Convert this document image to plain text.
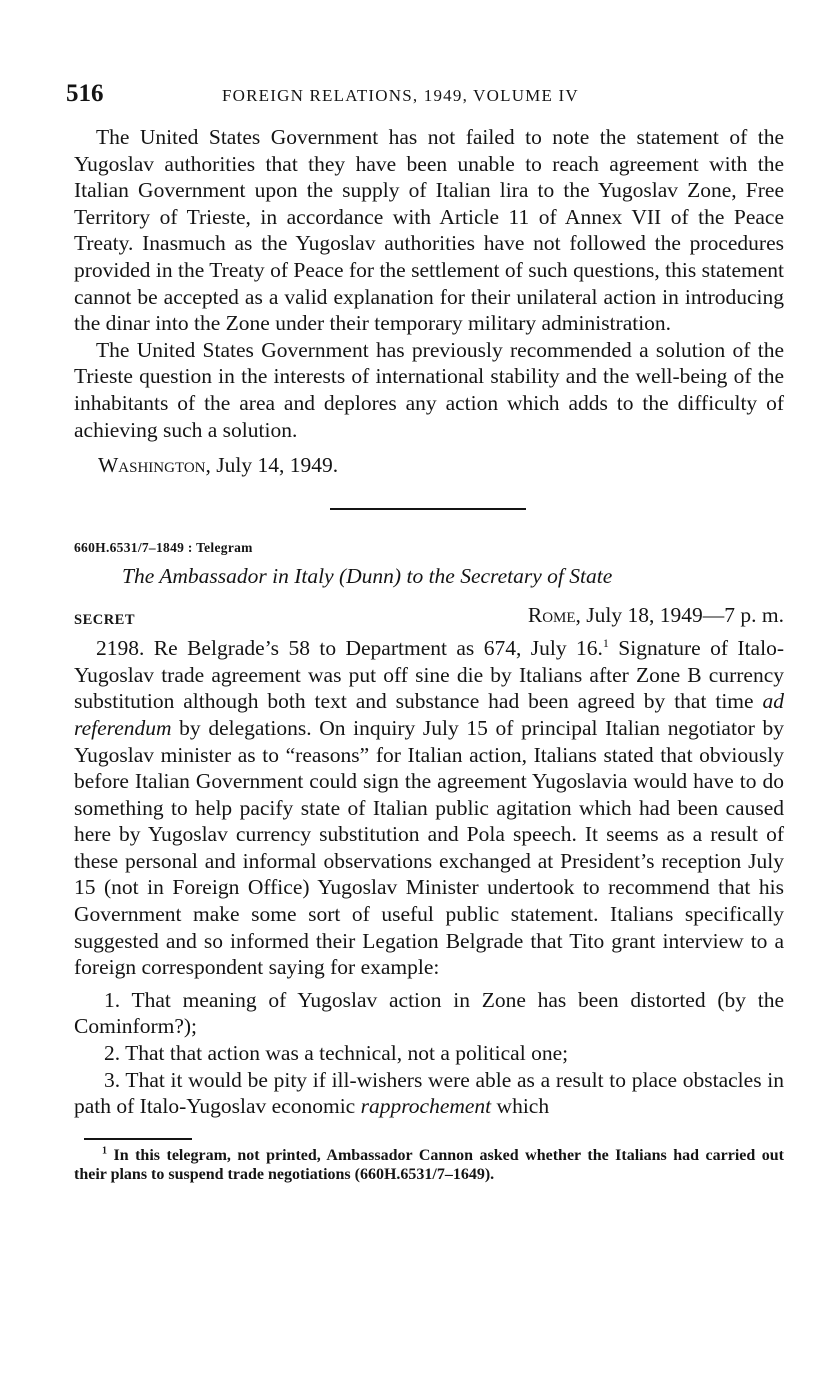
516	FOREIGN RELATIONS, 1949, VOLUME IV

The United States Government has not failed to note the statement of the Yugoslav authorities that they have been unable to reach agreement with the Italian Government upon the supply of Italian lira to the Yugoslav Zone, Free Territory of Trieste, in accordance with Article 11 of Annex VII of the Peace Treaty. Inasmuch as the Yugoslav authorities have not followed the procedures provided in the Treaty of Peace for the settlement of such questions, this statement cannot be accepted as a valid explanation for their unilateral action in introducing the dinar into the Zone under their temporary military administration.

The United States Government has previously recommended a solution of the Trieste question in the interests of international stability and the well-being of the inhabitants of the area and deplores any action which adds to the difficulty of achieving such a solution.

Washington, July 14, 1949.

660H.6531/7–1849 : Telegram
The Ambassador in Italy (Dunn) to the Secretary of State
SECRET	Rome, July 18, 1949—7 p. m.

2198. Re Belgrade’s 58 to Department as 674, July 16.$^1$ Signature of Italo-Yugoslav trade agreement was put off sine die by Italians after Zone B currency substitution although both text and substance had been agreed by that time ad referendum by delegations. On inquiry July 15 of principal Italian negotiator by Yugoslav minister as to “reasons” for Italian action, Italians stated that obviously before Italian Government could sign the agreement Yugoslavia would have to do something to help pacify state of Italian public agitation which had been caused here by Yugoslav currency substitution and Pola speech. It seems as a result of these personal and informal observations exchanged at President’s reception July 15 (not in Foreign Office) Yugoslav Minister undertook to recommend that his Government make some sort of useful public statement. Italians specifically suggested and so informed their Legation Belgrade that Tito grant interview to a foreign correspondent saying for example:

1. That meaning of Yugoslav action in Zone has been distorted (by the Cominform?);

2. That that action was a technical, not a political one;

3. That it would be pity if ill-wishers were able as a result to place obstacles in path of Italo-Yugoslav economic rapprochement which

$^1$ In this telegram, not printed, Ambassador Cannon asked whether the Italians had carried out their plans to suspend trade negotiations (660H.6531/7–1649).
